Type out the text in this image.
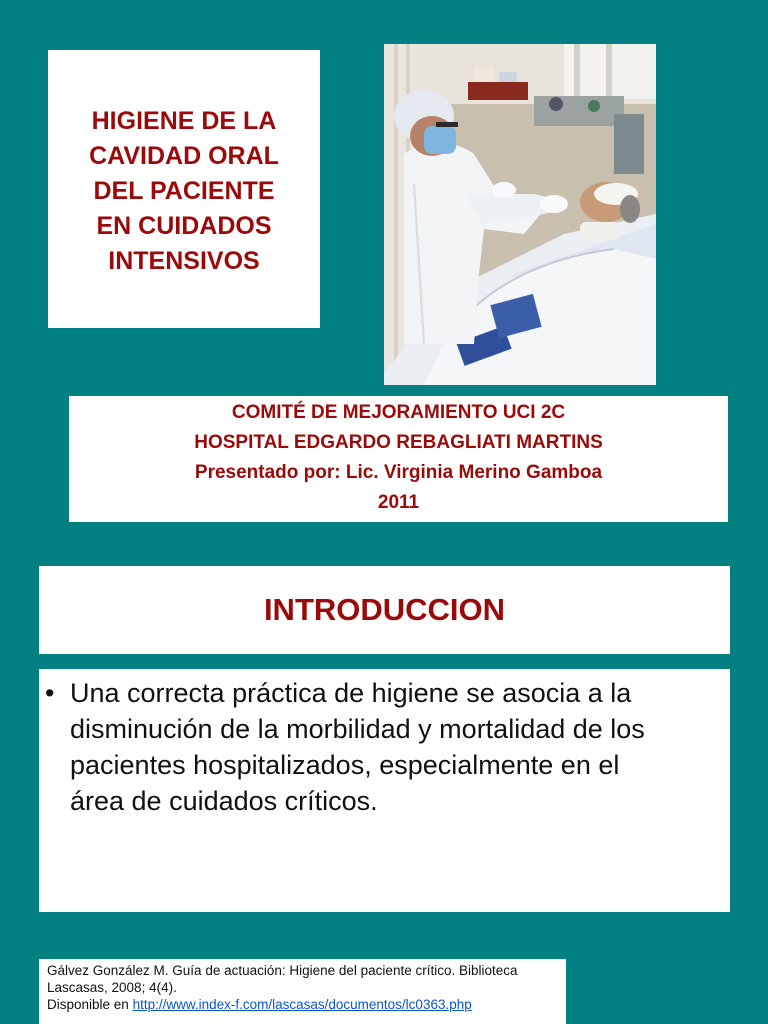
HIGIENE DE LA
CAVIDAD ORAL
DEL PACIENTE
EN CUIDADOS
INTENSIVOS
COMITÉ DE MEJORAMIENTO UCI 2C
HOSPITAL EDGARDO REBAGLIATI MARTINS
Presentado por: Lic. Virginia Merino Gamboa
2011
INTRODUCCION
• Una correcta práctica de higiene se asocia a la
disminución de la morbilidad y mortalidad de los
pacientes hospitalizados, especialmente en el
área de cuidados críticos.
Gálvez González M. Guía de actuación: Higiene del paciente crítico. Biblioteca
Lascasas, 2008; 4(4).
Disponible en http://www.index-f.com/lascasas/documentos/lc0363.php
